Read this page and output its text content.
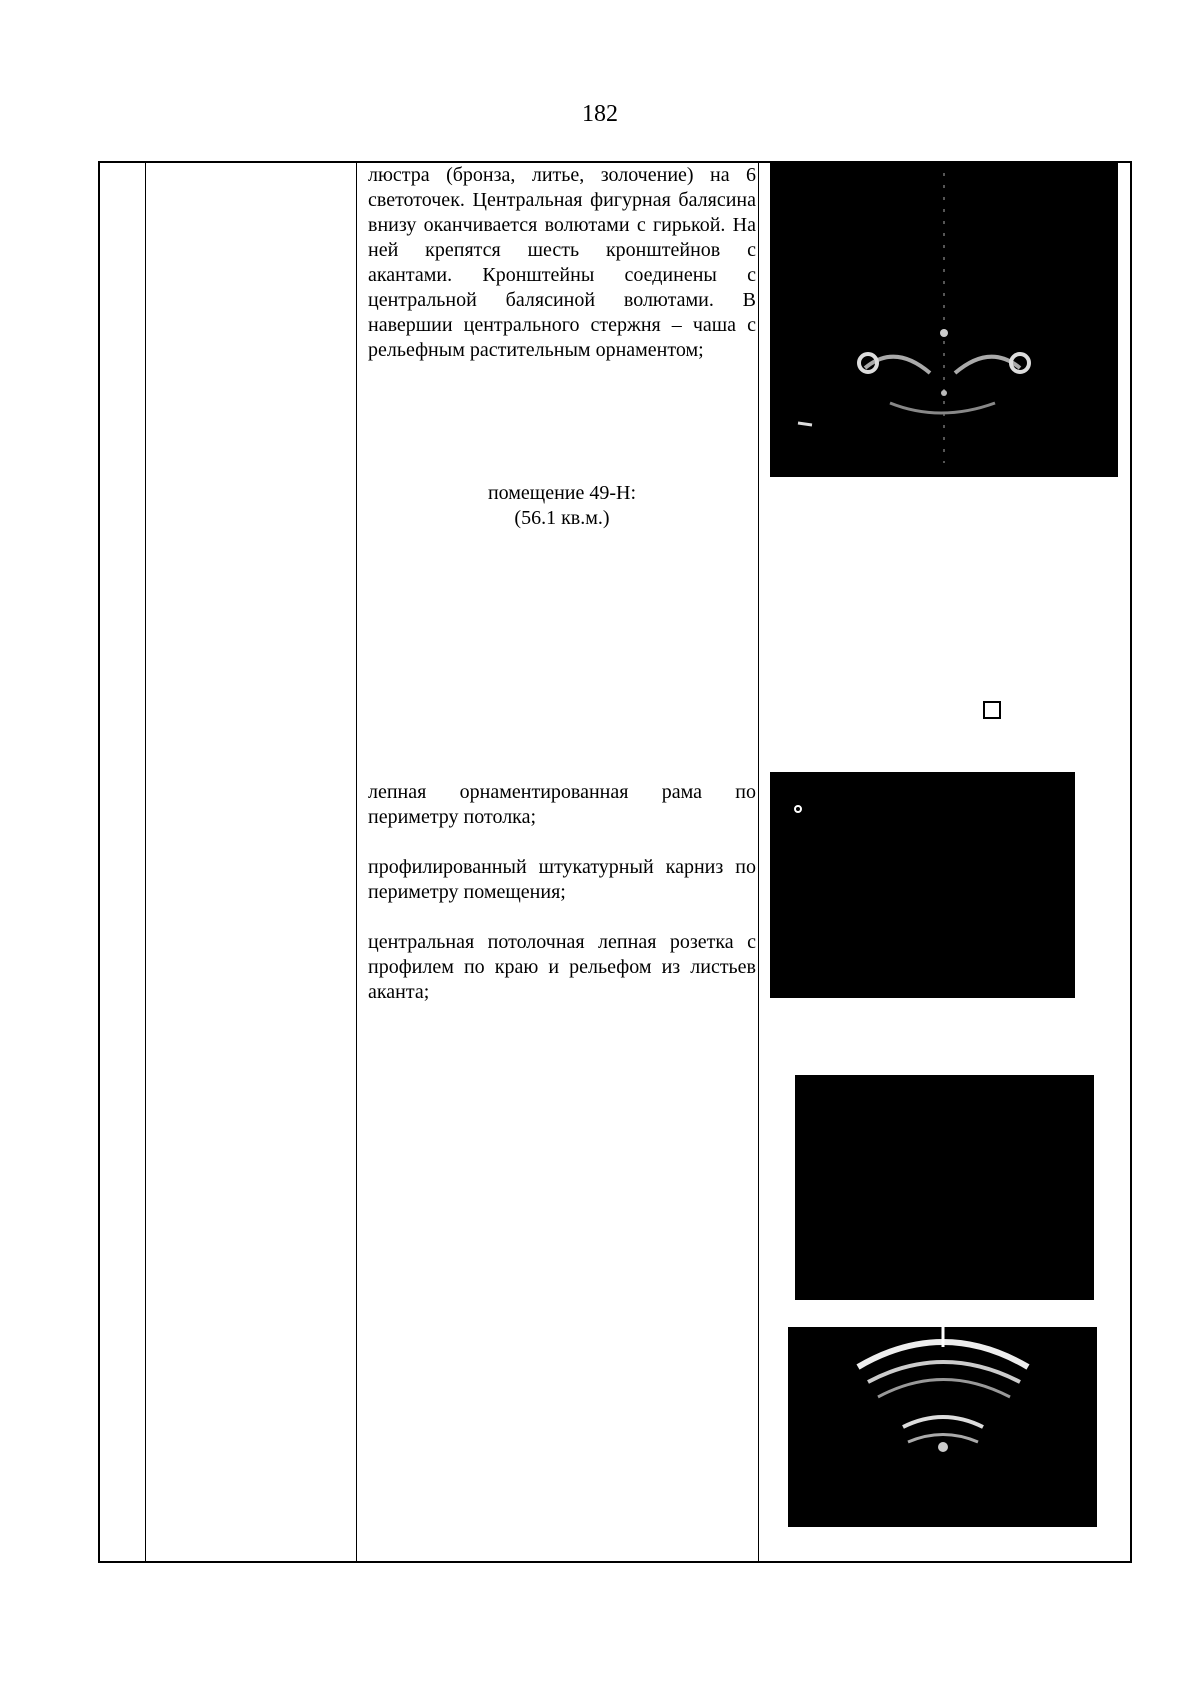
182

люстра (бронза, литье, золочение) на 6 светоточек. Центральная фигурная балясина внизу оканчивается волютами с гирькой. На ней крепятся шесть кронштейнов с акантами. Кронштейны соединены с центральной балясиной волютами. В навершии центрального стержня – чаша с рельефным растительным орнаментом;

помещение 49-Н:

(56.1 кв.м.)

лепная орнаментированная рама по периметру потолка;

профилированный штукатурный карниз по периметру помещения;

центральная потолочная лепная розетка с профилем по краю и рельефом из листьев аканта;
